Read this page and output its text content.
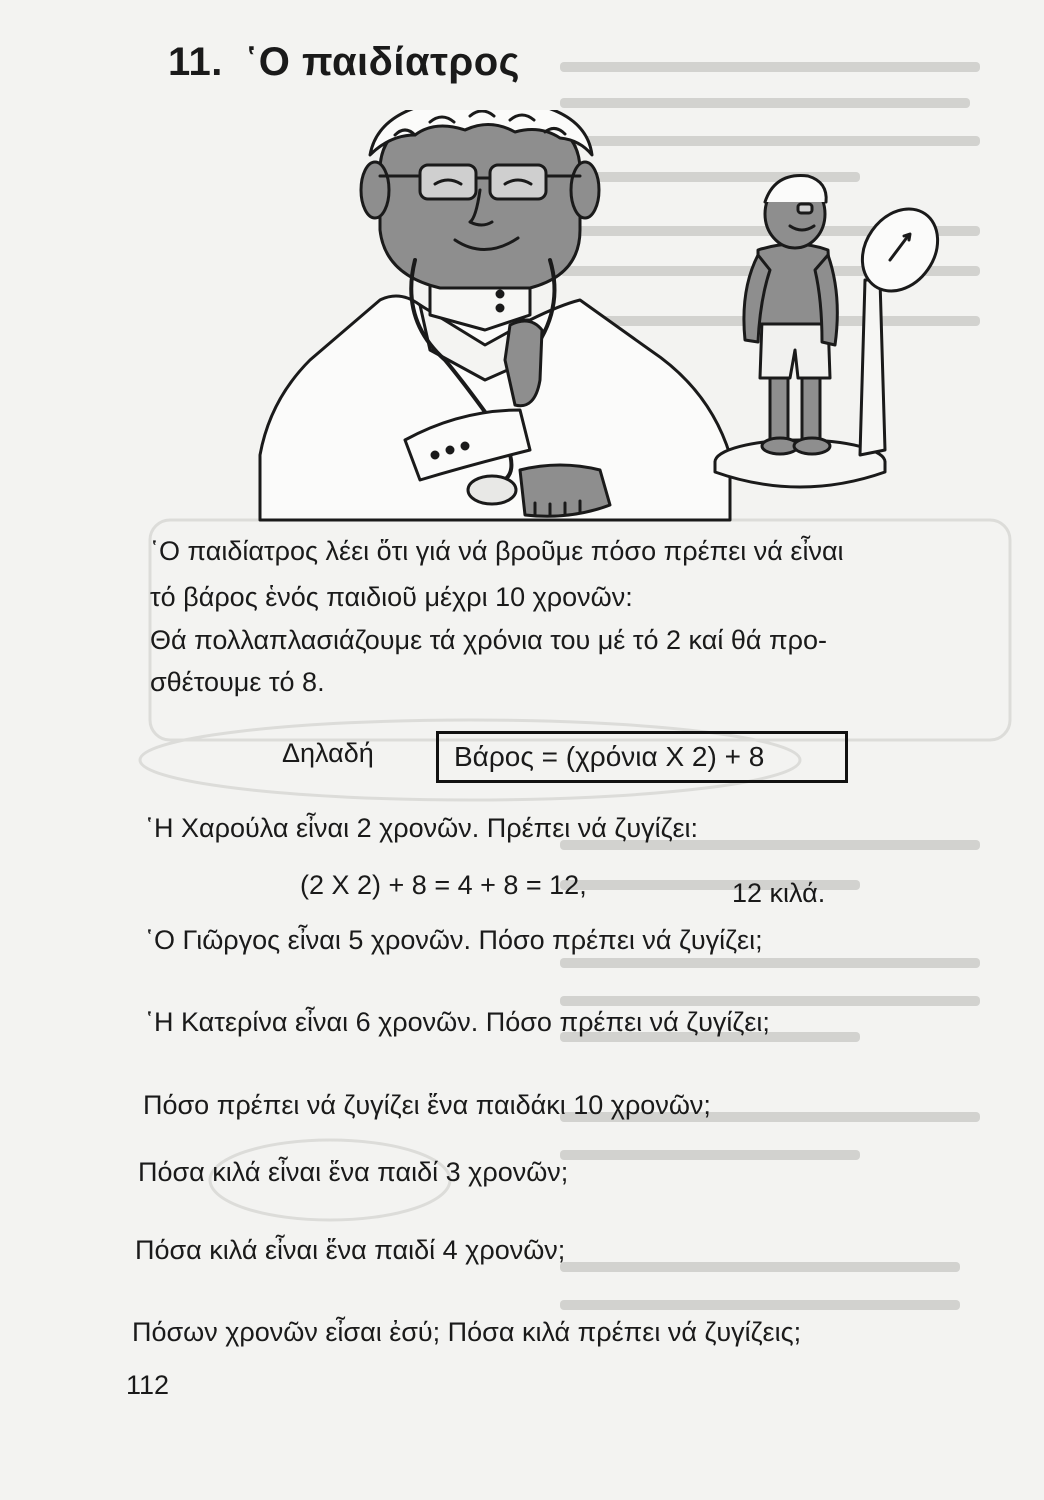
11. ῾Ο παιδίατρος
῾Ο παιδίατρος λέει ὅτι γιά νά βροῦμε πόσο πρέπει νά εἶναι
τό βάρος ἑνός παιδιοῦ μέχρι 10 χρονῶν:
Θά πολλαπλασιάζουμε τά χρόνια του μέ τό 2 καί θά προ-
σθέτουμε τό 8.
Δηλαδή	Βάρος = (χρόνια X 2) + 8
῾Η Χαρούλα εἶναι 2 χρονῶν. Πρέπει νά ζυγίζει:
(2 X 2) + 8 = 4 + 8 = 12,	12 κιλά.
῾Ο Γιῶργος εἶναι 5 χρονῶν. Πόσο πρέπει νά ζυγίζει;
῾Η Κατερίνα εἶναι 6 χρονῶν. Πόσο πρέπει νά ζυγίζει;
Πόσο πρέπει νά ζυγίζει ἕνα παιδάκι 10 χρονῶν;
Πόσα κιλά εἶναι ἕνα παιδί 3 χρονῶν;
Πόσα κιλά εἶναι ἕνα παιδί 4 χρονῶν;
Πόσων χρονῶν εἶσαι ἐσύ; Πόσα κιλά πρέπει νά ζυγίζεις;
112
